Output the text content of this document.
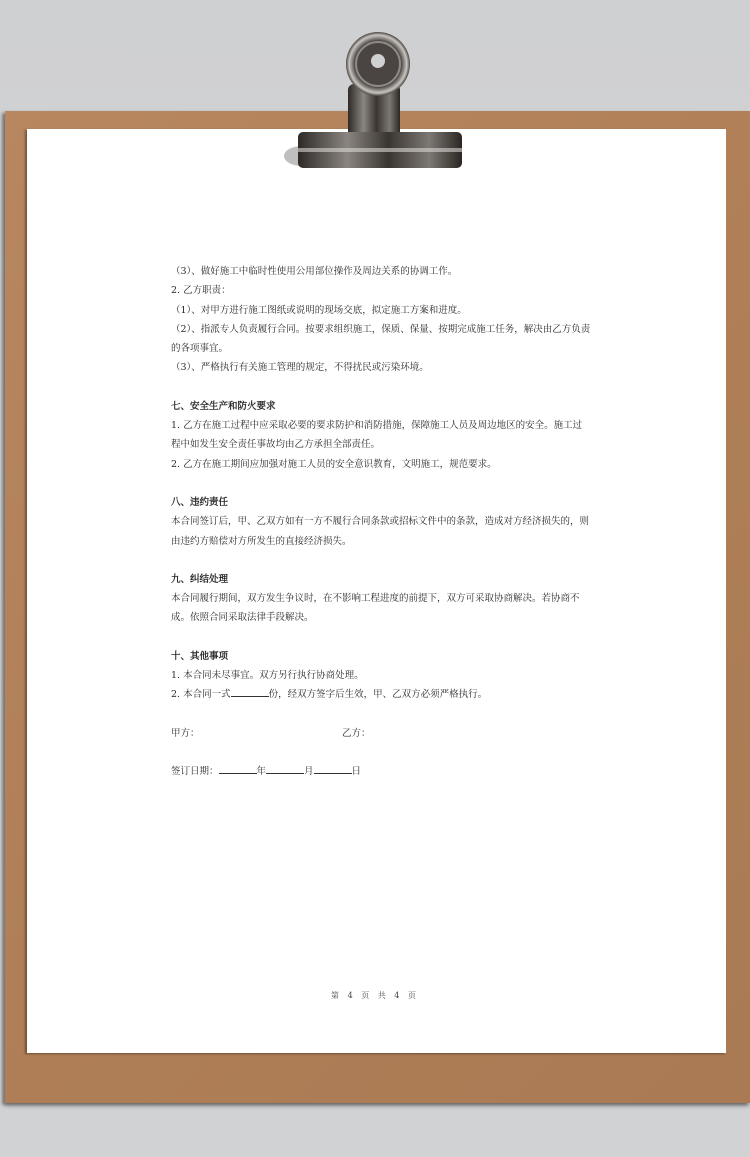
（3）、做好施工中临时性使用公用部位操作及周边关系的协调工作。

2. 乙方职责：

（1）、对甲方进行施工图纸或说明的现场交底，拟定施工方案和进度。

（2）、指派专人负责履行合同。按要求组织施工，保质、保量、按期完成施工任务，解决由乙方负责的各项事宜。

（3）、严格执行有关施工管理的规定，不得扰民或污染环境。

七、安全生产和防火要求

1. 乙方在施工过程中应采取必要的要求防护和消防措施，保障施工人员及周边地区的安全。施工过程中如发生安全责任事故均由乙方承担全部责任。

2. 乙方在施工期间应加强对施工人员的安全意识教育，文明施工，规范要求。

八、违约责任

本合同签订后，甲、乙双方如有一方不履行合同条款或招标文件中的条款，造成对方经济损失的，则由违约方赔偿对方所发生的直接经济损失。

九、纠结处理

本合同履行期间，双方发生争议时，在不影响工程进度的前提下，双方可采取协商解决。若协商不成。依照合同采取法律手段解决。

十、其他事项

1. 本合同未尽事宜。双方另行执行协商处理。

2. 本合同一式	份，经双方签字后生效，甲、乙双方必须严格执行。

甲方：	乙方：

签订日期：	年	月	日

第 4 页 共 4 页
